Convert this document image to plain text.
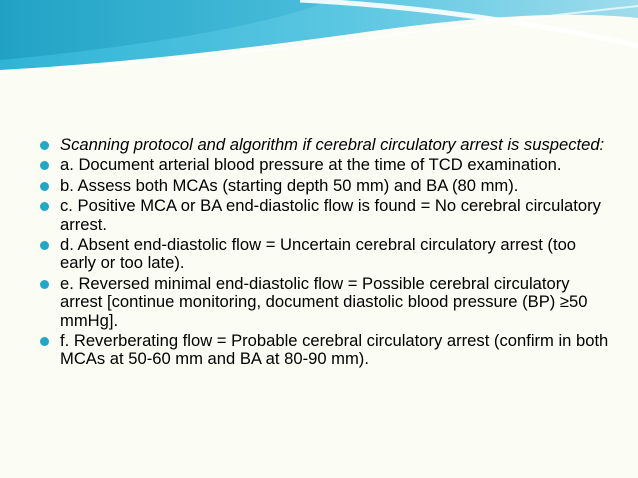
Scanning protocol and algorithm if cerebral circulatory arrest is suspected:
a. Document arterial blood pressure at the time of TCD examination.
b. Assess both MCAs (starting depth 50 mm) and BA (80 mm).
c. Positive MCA or BA end-diastolic flow is found = No cerebral circulatory arrest.
d. Absent end-diastolic flow = Uncertain cerebral circulatory arrest (too early or too late).
e. Reversed minimal end-diastolic flow = Possible cerebral circulatory arrest [continue monitoring, document diastolic blood pressure (BP) ≥50 mmHg].
f. Reverberating flow = Probable cerebral circulatory arrest (confirm in both MCAs at 50-60 mm and BA at 80-90 mm).
